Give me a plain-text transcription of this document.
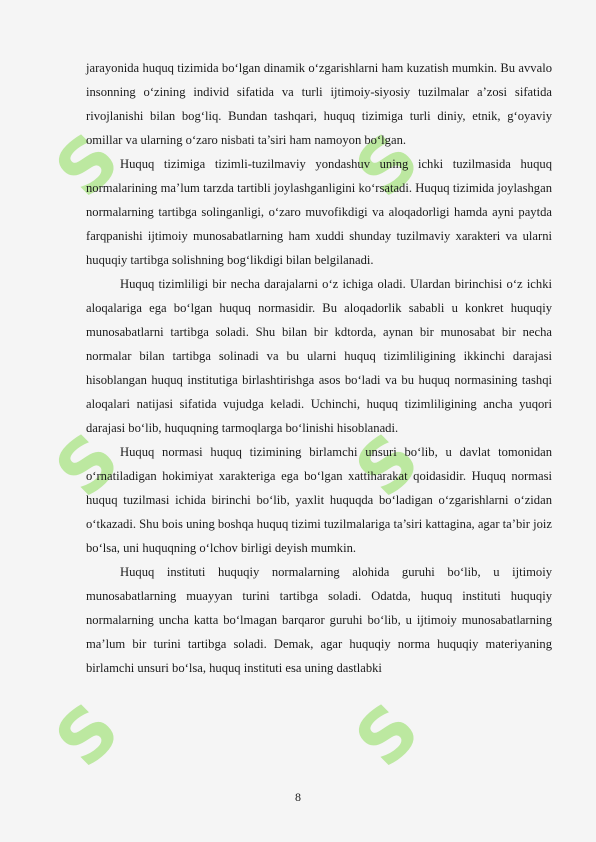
S	S
S	S
S	S

jarayonida huquq tizimida bo‘lgan dinamik o‘zgarishlarni ham kuzatish mumkin. Bu avvalo insonning o‘zining individ sifatida va turli ijtimoiy-siyosiy tuzilmalar a’zosi sifatida rivojlanishi bilan bog‘liq. Bundan tashqari, huquq tizimiga turli diniy, etnik, g‘oyaviy omillar va ularning o‘zaro nisbati ta’siri ham namoyon bo‘lgan.

Huquq tizimiga tizimli-tuzilmaviy yondashuv uning ichki tuzilmasida huquq normalarining ma’lum tarzda tartibli joylashganligini ko‘rsatadi. Huquq tizimida joylashgan normalarning tartibga solinganligi, o‘zaro muvofikdigi va aloqadorligi hamda ayni paytda farqpanishi ijtimoiy munosabatlarning ham xuddi shunday tuzilmaviy xarakteri va ularni huquqiy tartibga solishning bog‘likdigi bilan belgilanadi.

Huquq tizimliligi bir necha darajalarni o‘z ichiga oladi. Ulardan birinchisi o‘z ichki aloqalariga ega bo‘lgan huquq normasidir. Bu aloqadorlik sababli u konkret huquqiy munosabatlarni tartibga soladi. Shu bilan bir kdtorda, aynan bir munosabat bir necha normalar bilan tartibga solinadi va bu ularni huquq tizimliligining ikkinchi darajasi hisoblangan huquq institutiga birlashtirishga asos bo‘ladi va bu huquq normasining tashqi aloqalari natijasi sifatida vujudga keladi. Uchinchi, huquq tizimliligining ancha yuqori darajasi bo‘lib, huquqning tarmoqlarga bo‘linishi hisoblanadi.

Huquq normasi huquq tizimining birlamchi unsuri bo‘lib, u davlat tomonidan o‘rnatiladigan hokimiyat xarakteriga ega bo‘lgan xattiharakat qoidasidir. Huquq normasi huquq tuzilmasi ichida birinchi bo‘lib, yaxlit huquqda bo‘ladigan o‘zgarishlarni o‘zidan o‘tkazadi. Shu bois uning boshqa huquq tizimi tuzilmalariga ta’siri kattagina, agar ta’bir joiz bo‘lsa, uni huquqning o‘lchov birligi deyish mumkin.

Huquq instituti huquqiy normalarning alohida guruhi bo‘lib, u ijtimoiy munosabatlarning muayyan turini tartibga soladi. Odatda, huquq instituti huquqiy normalarning uncha katta bo‘lmagan barqaror guruhi bo‘lib, u ijtimoiy munosabatlarning ma’lum bir turini tartibga soladi. Demak, agar huquqiy norma huquqiy materiyaning birlamchi unsuri bo‘lsa, huquq instituti esa uning dastlabki

8
